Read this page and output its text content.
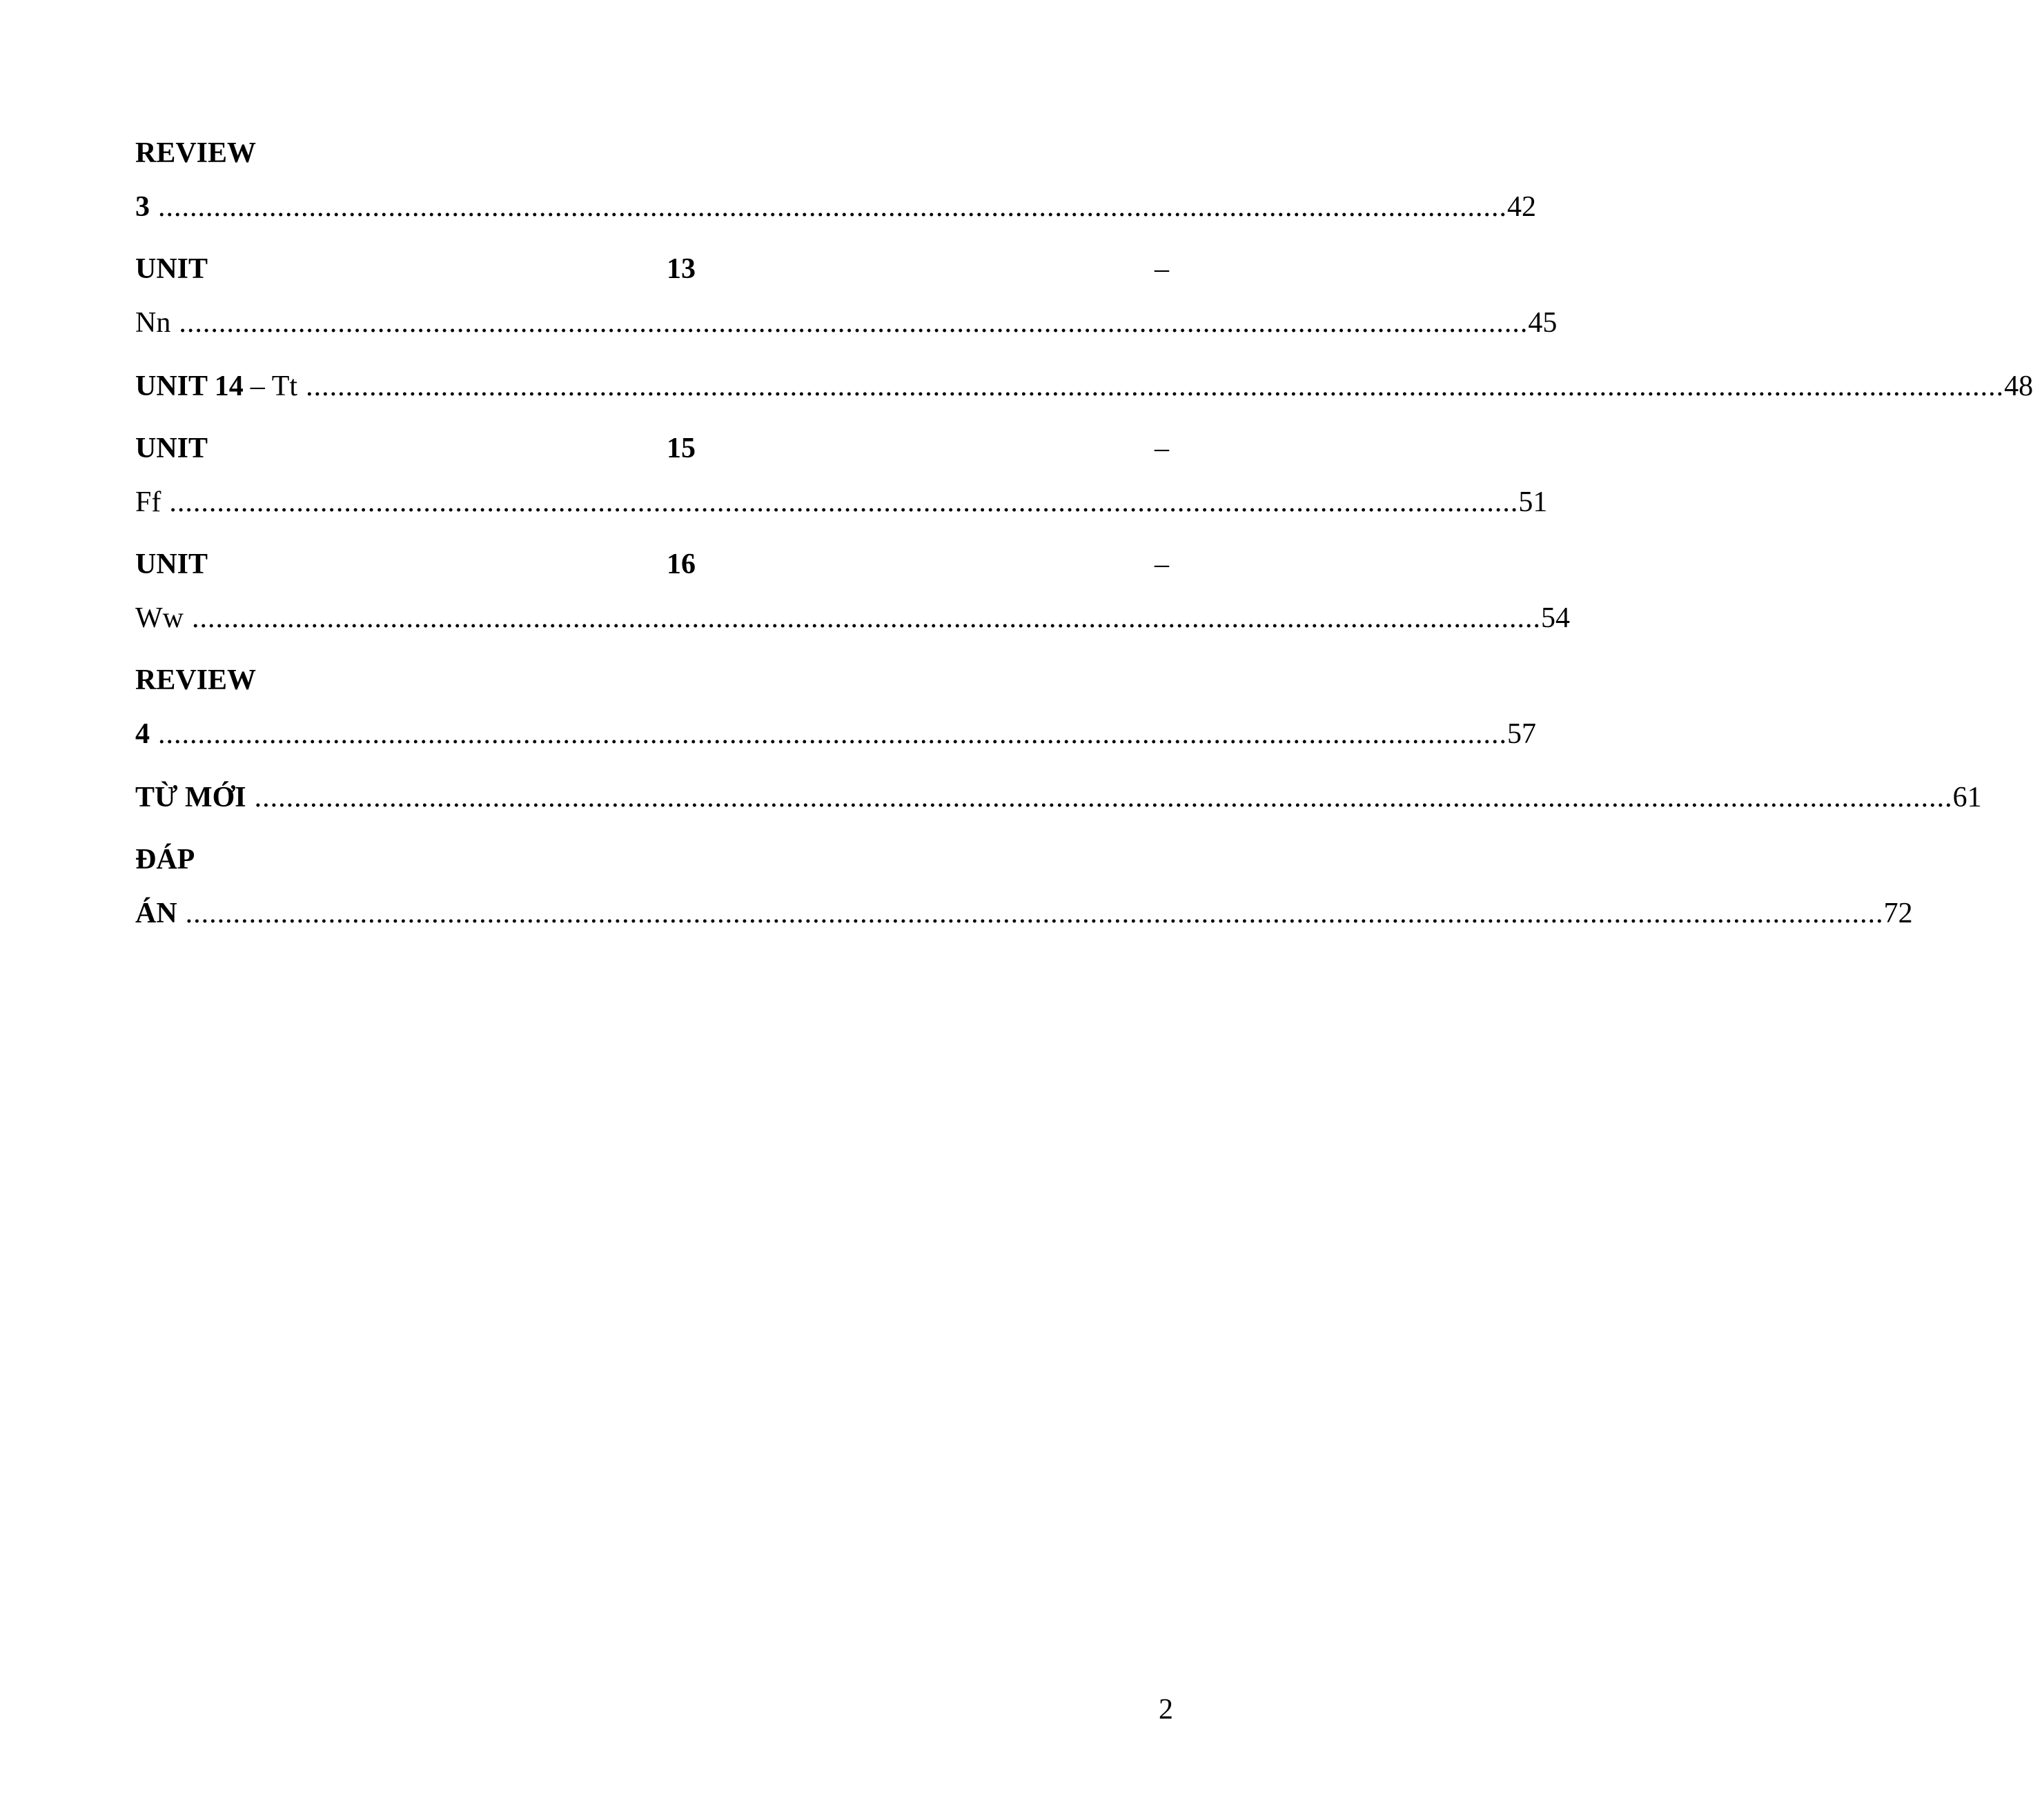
REVIEW
3 .......................................................................................................................................................................... 42
UNIT	13	–
Nn .......................................................................................................................................................................... 45
UNIT 14 – Tt ...................................................................................................................................................................................................................... 48
UNIT	15	–
Ff .......................................................................................................................................................................... 51
UNIT	16	–
Ww .......................................................................................................................................................................... 54
REVIEW
4 .......................................................................................................................................................................... 57
TỪ MỚI ...................................................................................................................................................................................................................... 61
ĐÁP
ÁN ...................................................................................................................................................................................................................... 72
2
